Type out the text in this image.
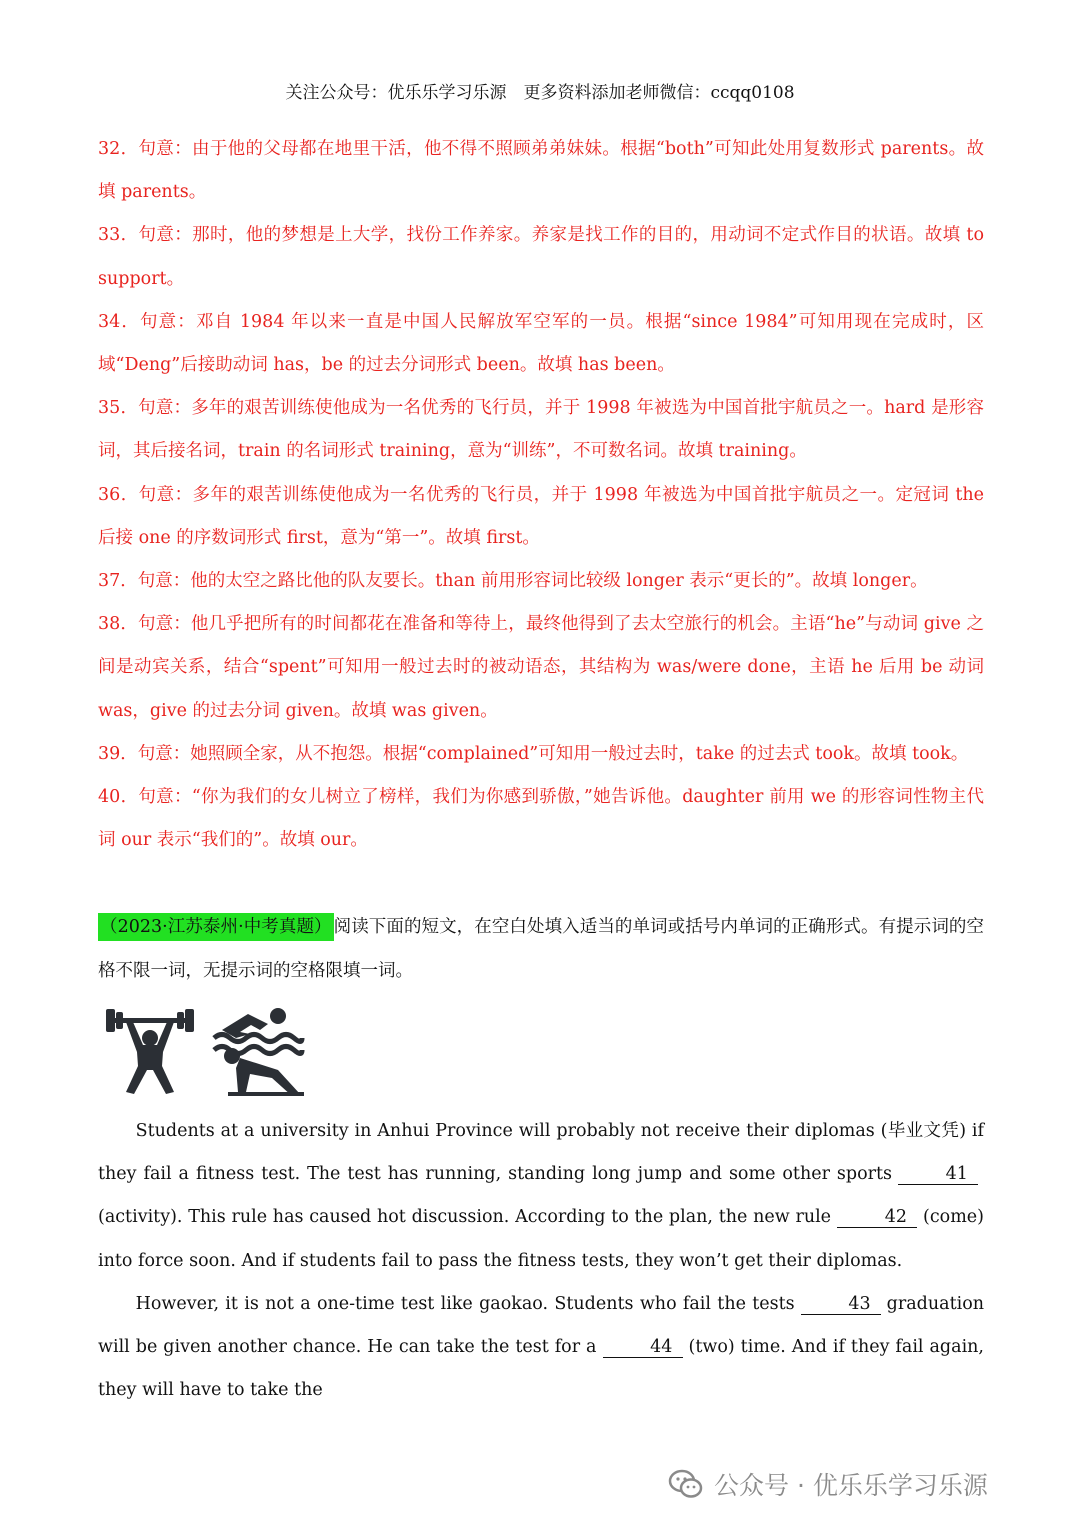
关注公众号：优乐乐学习乐源　更多资料添加老师微信：ccqq0108

32．句意：由于他的父母都在地里干活，他不得不照顾弟弟妹妹。根据“both”可知此处用复数形式 parents。故填 parents。

33．句意：那时，他的梦想是上大学，找份工作养家。养家是找工作的目的，用动词不定式作目的状语。故填 to support。

34．句意：邓自 1984 年以来一直是中国人民解放军空军的一员。根据“since 1984”可知用现在完成时，区域“Deng”后接助动词 has，be 的过去分词形式 been。故填 has been。

35．句意：多年的艰苦训练使他成为一名优秀的飞行员，并于 1998 年被选为中国首批宇航员之一。hard 是形容词，其后接名词，train 的名词形式 training，意为“训练”，不可数名词。故填 training。

36．句意：多年的艰苦训练使他成为一名优秀的飞行员，并于 1998 年被选为中国首批宇航员之一。定冠词 the 后接 one 的序数词形式 first，意为“第一”。故填 first。

37．句意：他的太空之路比他的队友要长。than 前用形容词比较级 longer 表示“更长的”。故填 longer。

38．句意：他几乎把所有的时间都花在准备和等待上，最终他得到了去太空旅行的机会。主语“he”与动词 give 之间是动宾关系，结合“spent”可知用一般过去时的被动语态，其结构为 was/were done，主语 he 后用 be 动词 was，give 的过去分词 given。故填 was given。

39．句意：她照顾全家，从不抱怨。根据“complained”可知用一般过去时，take 的过去式 took。故填 took。

40．句意：“你为我们的女儿树立了榜样，我们为你感到骄傲，”她告诉他。daughter 前用 we 的形容词性物主代词 our 表示“我们的”。故填 our。

（2023·江苏泰州·中考真题） 阅读下面的短文，在空白处填入适当的单词或括号内单词的正确形式。有提示词的空格不限一词，无提示词的空格限填一词。

Students at a university in Anhui Province will probably not receive their diplomas (毕业文凭) if they fail a fitness test. The test has running, standing long jump and some other sports	41(activity). This rule has caused hot discussion. According to the plan, the new rule	42 (come) into force soon. And if students fail to pass the fitness tests, they won’t get their diplomas.

However, it is not a one-time test like gaokao. Students who fail the tests	43 graduation will be given another chance. He can take the test for a	44 (two) time. And if they fail again, they will have to take the

公众号 · 优乐乐学习乐源
